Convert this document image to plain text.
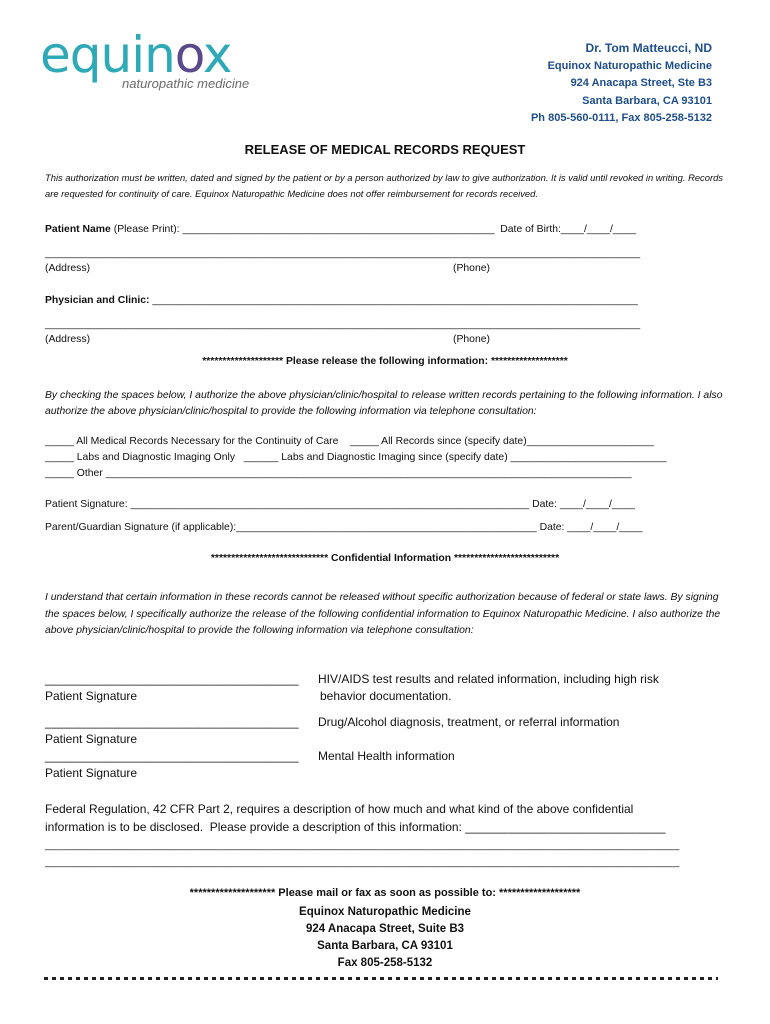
equinox
naturopathic medicine
Dr. Tom Matteucci, ND
Equinox Naturopathic Medicine
924 Anacapa Street, Ste B3
Santa Barbara, CA 93101
Ph 805-560-0111, Fax 805-258-5132
RELEASE OF MEDICAL RECORDS REQUEST
This authorization must be written, dated and signed by the patient or by a person authorized by law to give authorization. It is valid until revoked in writing. Records are requested for continuity of care. Equinox Naturopathic Medicine does not offer reimbursement for records received.
Patient Name (Please Print): ______________________________________________________  Date of Birth:____/____/____
_______________________________________________________________________________________________________
(Address)	(Phone)
Physician and Clinic: ____________________________________________________________________________________
_______________________________________________________________________________________________________
(Address)	(Phone)
******************** Please release the following information: *******************
By checking the spaces below, I authorize the above physician/clinic/hospital to release written records pertaining to the following information. I also authorize the above physician/clinic/hospital to provide the following information via telephone consultation:
_____ All Medical Records Necessary for the Continuity of Care    _____ All Records since (specify date)______________________
_____ Labs and Diagnostic Imaging Only   ______ Labs and Diagnostic Imaging since (specify date) ___________________________
_____ Other ___________________________________________________________________________________________
Patient Signature: _____________________________________________________________________ Date: ____/____/____
Parent/Guardian Signature (if applicable):____________________________________________________ Date: ____/____/____
***************************** Confidential Information **************************
I understand that certain information in these records cannot be released without specific authorization because of federal or state laws. By signing the spaces below, I specifically authorize the release of the following confidential information to Equinox Naturopathic Medicine. I also authorize the above physician/clinic/hospital to provide the following information via telephone consultation:
______________________________________ HIV/AIDS test results and related information, including high risk
Patient Signature	behavior documentation.
______________________________________ Drug/Alcohol diagnosis, treatment, or referral information
Patient Signature
______________________________________ Mental Health information
Patient Signature
Federal Regulation, 42 CFR Part 2, requires a description of how much and what kind of the above confidential
information is to be disclosed.  Please provide a description of this information: ______________________________
___________________________________________________________________________________________________________
___________________________________________________________________________________________________________
******************** Please mail or fax as soon as possible to: *******************
Equinox Naturopathic Medicine
924 Anacapa Street, Suite B3
Santa Barbara, CA 93101
Fax 805-258-5132
